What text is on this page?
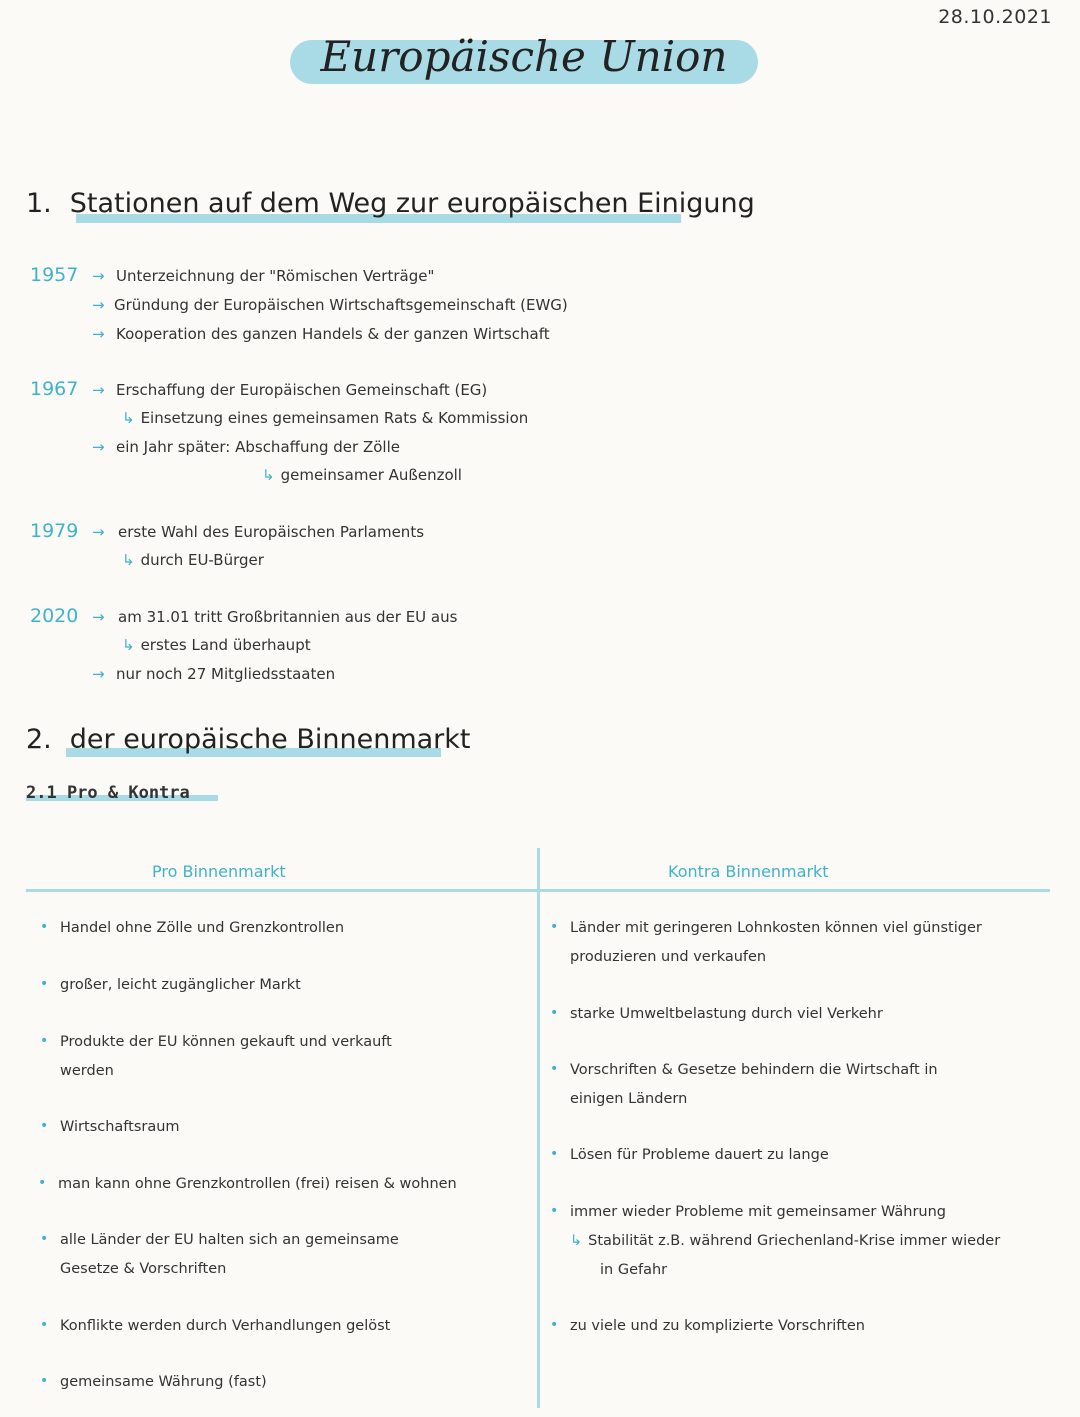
28.10.2021
Europäische Union
1. Stationen auf dem Weg zur europäischen Einigung
1957 → Unterzeichnung der "Römischen Verträge"
→ Gründung der Europäischen Wirtschaftsgemeinschaft (EWG)
→ Kooperation des ganzen Handels & der ganzen Wirtschaft
1967 → Erschaffung der Europäischen Gemeinschaft (EG)
↳ Einsetzung eines gemeinsamen Rats & Kommission
→ ein Jahr später: Abschaffung der Zölle
↳ gemeinsamer Außenzoll
1979 → erste Wahl des Europäischen Parlaments
↳ durch EU-Bürger
2020 → am 31.01 tritt Großbritannien aus der EU aus
↳ erstes Land überhaupt
→ nur noch 27 Mitgliedsstaaten
2. der europäische Binnenmarkt
2.1 Pro & Kontra
Pro Binnenmarkt	Kontra Binnenmarkt
• Handel ohne Zölle und Grenzkontrollen
• großer, leicht zugänglicher Markt
• Produkte der EU können gekauft und verkauft
werden
• Wirtschaftsraum
• man kann ohne Grenzkontrollen (frei) reisen & wohnen
• alle Länder der EU halten sich an gemeinsame
Gesetze & Vorschriften
• Konflikte werden durch Verhandlungen gelöst
• gemeinsame Währung (fast)
• Länder mit geringeren Lohnkosten können viel günstiger
produzieren und verkaufen
• starke Umweltbelastung durch viel Verkehr
• Vorschriften & Gesetze behindern die Wirtschaft in
einigen Ländern
• Lösen für Probleme dauert zu lange
• immer wieder Probleme mit gemeinsamer Währung
↳ Stabilität z.B. während Griechenland-Krise immer wieder
in Gefahr
• zu viele und zu komplizierte Vorschriften
